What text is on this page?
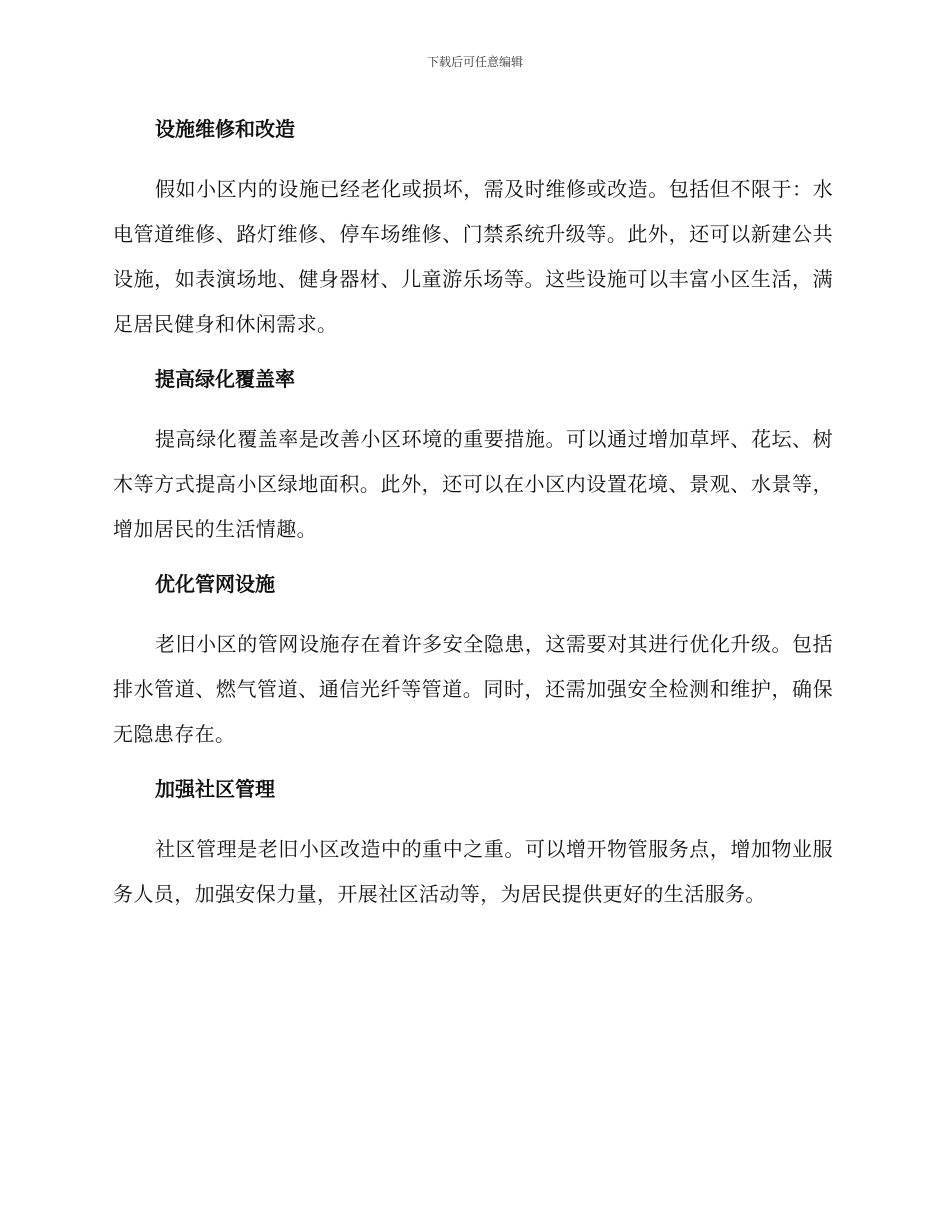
下载后可任意编辑
设施维修和改造

假如小区内的设施已经老化或损坏，需及时维修或改造。包括但不限于：水电管道维修、路灯维修、停车场维修、门禁系统升级等。此外，还可以新建公共设施，如表演场地、健身器材、儿童游乐场等。这些设施可以丰富小区生活，满足居民健身和休闲需求。

提高绿化覆盖率

提高绿化覆盖率是改善小区环境的重要措施。可以通过增加草坪、花坛、树木等方式提高小区绿地面积。此外，还可以在小区内设置花境、景观、水景等，增加居民的生活情趣。

优化管网设施

老旧小区的管网设施存在着许多安全隐患，这需要对其进行优化升级。包括排水管道、燃气管道、通信光纤等管道。同时，还需加强安全检测和维护，确保无隐患存在。

加强社区管理

社区管理是老旧小区改造中的重中之重。可以增开物管服务点，增加物业服务人员，加强安保力量，开展社区活动等，为居民提供更好的生活服务。
